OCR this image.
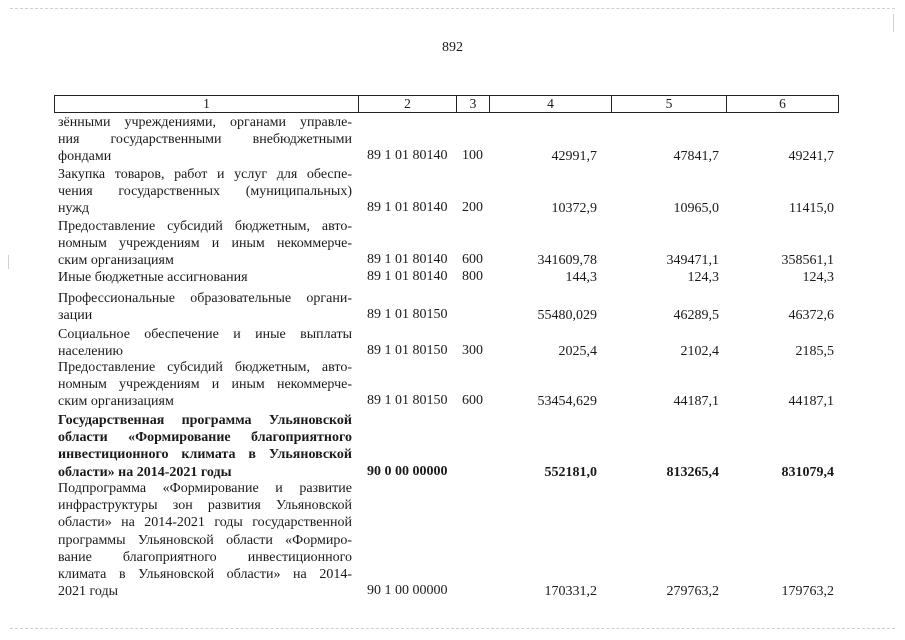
892
1	2	3	4	5	6
зёнными учреждениями, органами управле-
ния государственными внебюджетными
фондами	89 1 01 80140 100	42991,7	47841,7	49241,7
Закупка товаров, работ и услуг для обеспе-
чения государственных (муниципальных)
нужд	89 1 01 80140 200	10372,9	10965,0	11415,0
Предоставление субсидий бюджетным, авто-
номным учреждениям и иным некоммерче-
ским организациям	89 1 01 80140 600	341609,78	349471,1	358561,1
Иные бюджетные ассигнования	89 1 01 80140 800	144,3	124,3	124,3
Профессиональные образовательные органи-
зации	89 1 01 80150	55480,029	46289,5	46372,6
Социальное обеспечение и иные выплаты
населению	89 1 01 80150 300	2025,4	2102,4	2185,5
Предоставление субсидий бюджетным, авто-
номным учреждениям и иным некоммерче-
ским организациям	89 1 01 80150 600	53454,629	44187,1	44187,1
Государственная программа Ульяновской
области «Формирование благоприятного
инвестиционного климата в Ульяновской
области» на 2014-2021 годы	90 0 00 00000	552181,0	813265,4	831079,4
Подпрограмма «Формирование и развитие
инфраструктуры зон развития Ульяновской
области» на 2014-2021 годы государственной
программы Ульяновской области «Формиро-
вание благоприятного инвестиционного
климата в Ульяновской области» на 2014-
2021 годы	90 1 00 00000	170331,2	279763,2	179763,2
